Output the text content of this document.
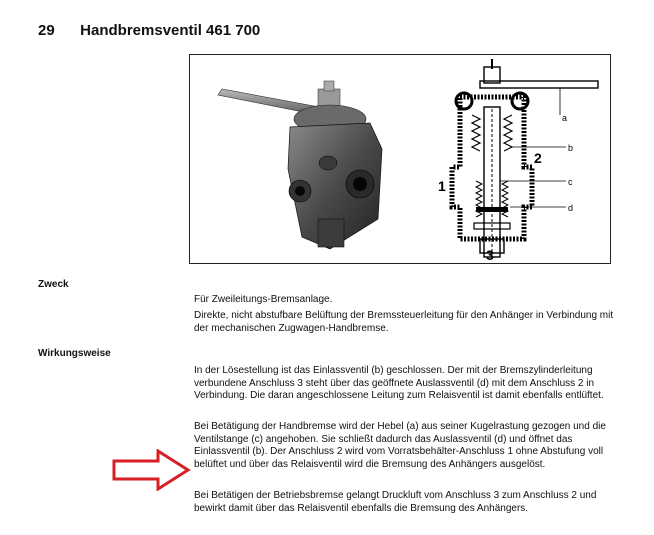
29 Handbremsventil 461 700
a
b
c
d
1
2
3
Zweck

Für Zweileitungs-Bremsanlage.

Direkte, nicht abstufbare Belüftung der Bremssteuerleitung für den Anhänger in Verbindung mit der mechanischen Zugwagen-Handbremse.

Wirkungsweise

In der Lösestellung ist das Einlassventil (b) geschlossen. Der mit der Bremszylinderleitung verbundene Anschluss 3 steht über das geöffnete Auslassventil (d) mit dem Anschluss 2 in Verbindung. Die daran angeschlossene Leitung zum Relaisventil ist damit ebenfalls entlüftet.

Bei Betätigung der Handbremse wird der Hebel (a) aus seiner Kugelrastung gezogen und die Ventilstange (c) angehoben. Sie schließt dadurch das Auslassventil (d) und öffnet das Einlassventil (b). Der Anschluss 2 wird vom Vorratsbehälter-Anschluss 1 ohne Abstufung voll belüftet und über das Relaisventil wird die Bremsung des Anhängers ausgelöst.

Bei Betätigen der Betriebsbremse gelangt Druckluft vom Anschluss 3 zum Anschluss 2 und bewirkt damit über das Relaisventil ebenfalls die Bremsung des Anhängers.
